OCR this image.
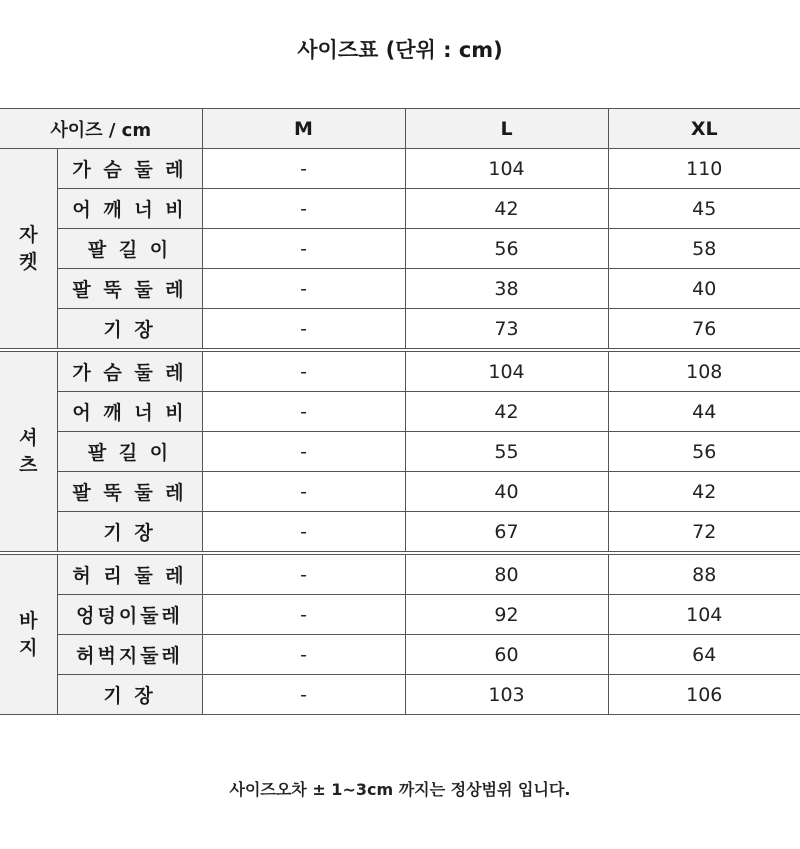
사이즈표 (단위 : cm)
사이즈 / cm		M	L	XL
자켓	가 슴 둘 레	-	104	110
	어 깨 너 비	-	42	45
	팔 길 이	-	56	58
	팔 뚝 둘 레	-	38	40
	기 장	-	73	76

셔츠	가 슴 둘 레	-	104	108
	어 깨 너 비	-	42	44
	팔 길 이	-	55	56
	팔 뚝 둘 레	-	40	42
	기 장	-	67	72

바지	허 리 둘 레	-	80	88
	엉덩이둘레	-	92	104
	허벅지둘레	-	60	64
	기 장	-	103	106
사이즈오차 ± 1~3cm 까지는 정상범위 입니다.
